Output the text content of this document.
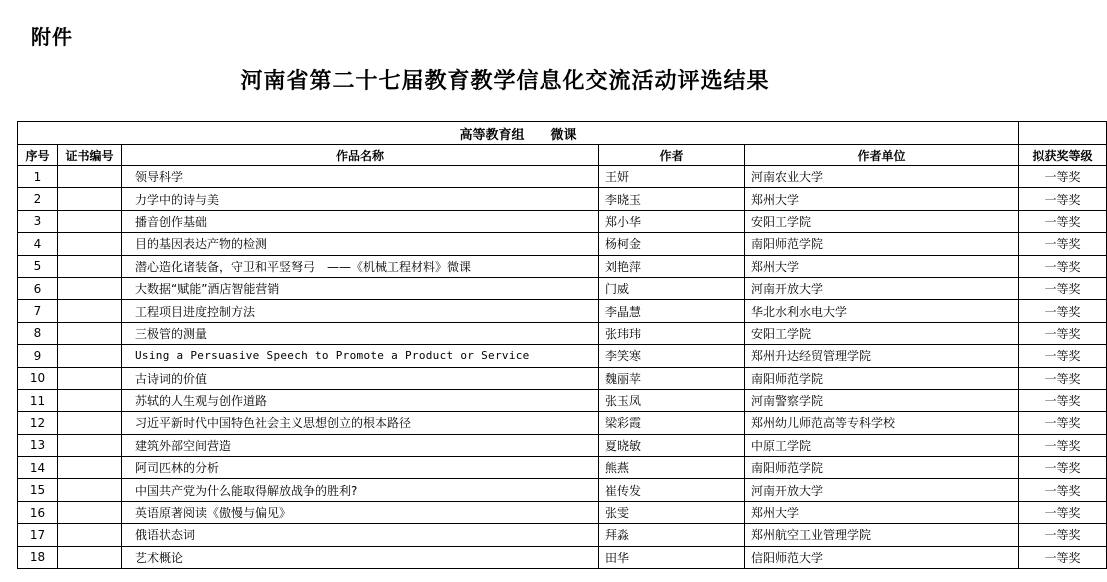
附件
河南省第二十七届教育教学信息化交流活动评选结果
高等教育组　　微课					
序号	证书编号	作品名称	作者	作者单位	拟获奖等级
1		领导科学	王妍	河南农业大学	一等奖
2		力学中的诗与美	李晓玉	郑州大学	一等奖
3		播音创作基础	郑小华	安阳工学院	一等奖
4		目的基因表达产物的检测	杨柯金	南阳师范学院	一等奖
5		潜心造化诸装备，守卫和平竖弩弓　——《机械工程材料》微课	刘艳萍	郑州大学	一等奖
6		大数据“赋能”酒店智能营销	门威	河南开放大学	一等奖
7		工程项目进度控制方法	李晶慧	华北水利水电大学	一等奖
8		三极管的测量	张玮玮	安阳工学院	一等奖
9		Using a Persuasive Speech to Promote a Product or Service	李笑寒	郑州升达经贸管理学院	一等奖
10		古诗词的价值	魏丽苹	南阳师范学院	一等奖
11		苏轼的人生观与创作道路	张玉凤	河南警察学院	一等奖
12		习近平新时代中国特色社会主义思想创立的根本路径	梁彩霞	郑州幼儿师范高等专科学校	一等奖
13		建筑外部空间营造	夏晓敏	中原工学院	一等奖
14		阿司匹林的分析	熊燕	南阳师范学院	一等奖
15		中国共产党为什么能取得解放战争的胜利?	崔传发	河南开放大学	一等奖
16		英语原著阅读《傲慢与偏见》	张雯	郑州大学	一等奖
17		俄语状态词	拜淼	郑州航空工业管理学院	一等奖
18		艺术概论	田华	信阳师范大学	一等奖
